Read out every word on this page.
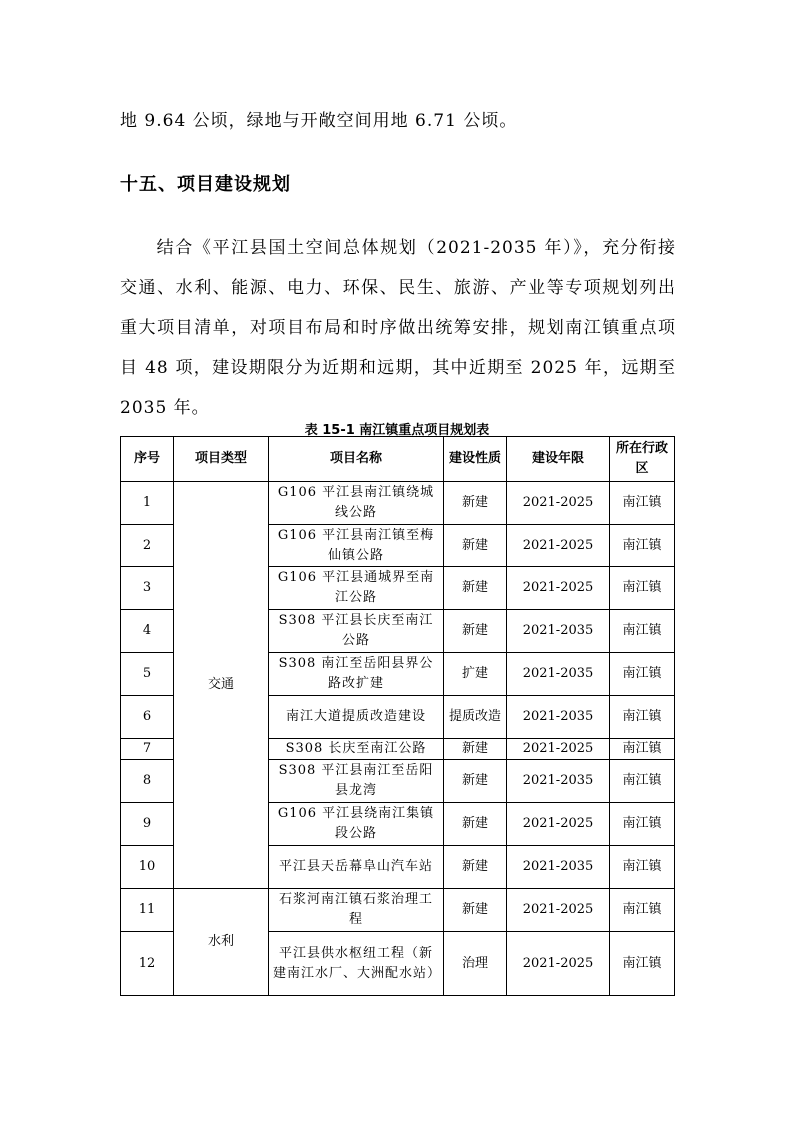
地 9.64 公顷，绿地与开敞空间用地 6.71 公顷。
十五、项目建设规划
结合《平江县国土空间总体规划（2021-2035 年）》，充分衔接交通、水利、能源、电力、环保、民生、旅游、产业等专项规划列出重大项目清单，对项目布局和时序做出统筹安排，规划南江镇重点项目 48 项，建设期限分为近期和远期，其中近期至 2025 年，远期至 2035 年。
表 15-1 南江镇重点项目规划表
序号	项目类型	项目名称	建设性质	建设年限	所在行政区
1	交通	G106 平江县南江镇绕城线公路	新建	2021-2025	南江镇
2		G106 平江县南江镇至梅仙镇公路	新建	2021-2025	南江镇
3		G106 平江县通城界至南江公路	新建	2021-2025	南江镇
4		S308 平江县长庆至南江公路	新建	2021-2035	南江镇
5		S308 南江至岳阳县界公路改扩建	扩建	2021-2035	南江镇
6		南江大道提质改造建设	提质改造	2021-2035	南江镇
7		S308 长庆至南江公路	新建	2021-2025	南江镇
8		S308 平江县南江至岳阳县龙湾	新建	2021-2035	南江镇
9		G106 平江县绕南江集镇段公路	新建	2021-2025	南江镇
10		平江县天岳幕阜山汽车站	新建	2021-2035	南江镇
11	水利	石浆河南江镇石浆治理工程	新建	2021-2025	南江镇
12		平江县供水枢纽工程（新建南江水厂、大洲配水站）	治理	2021-2025	南江镇
